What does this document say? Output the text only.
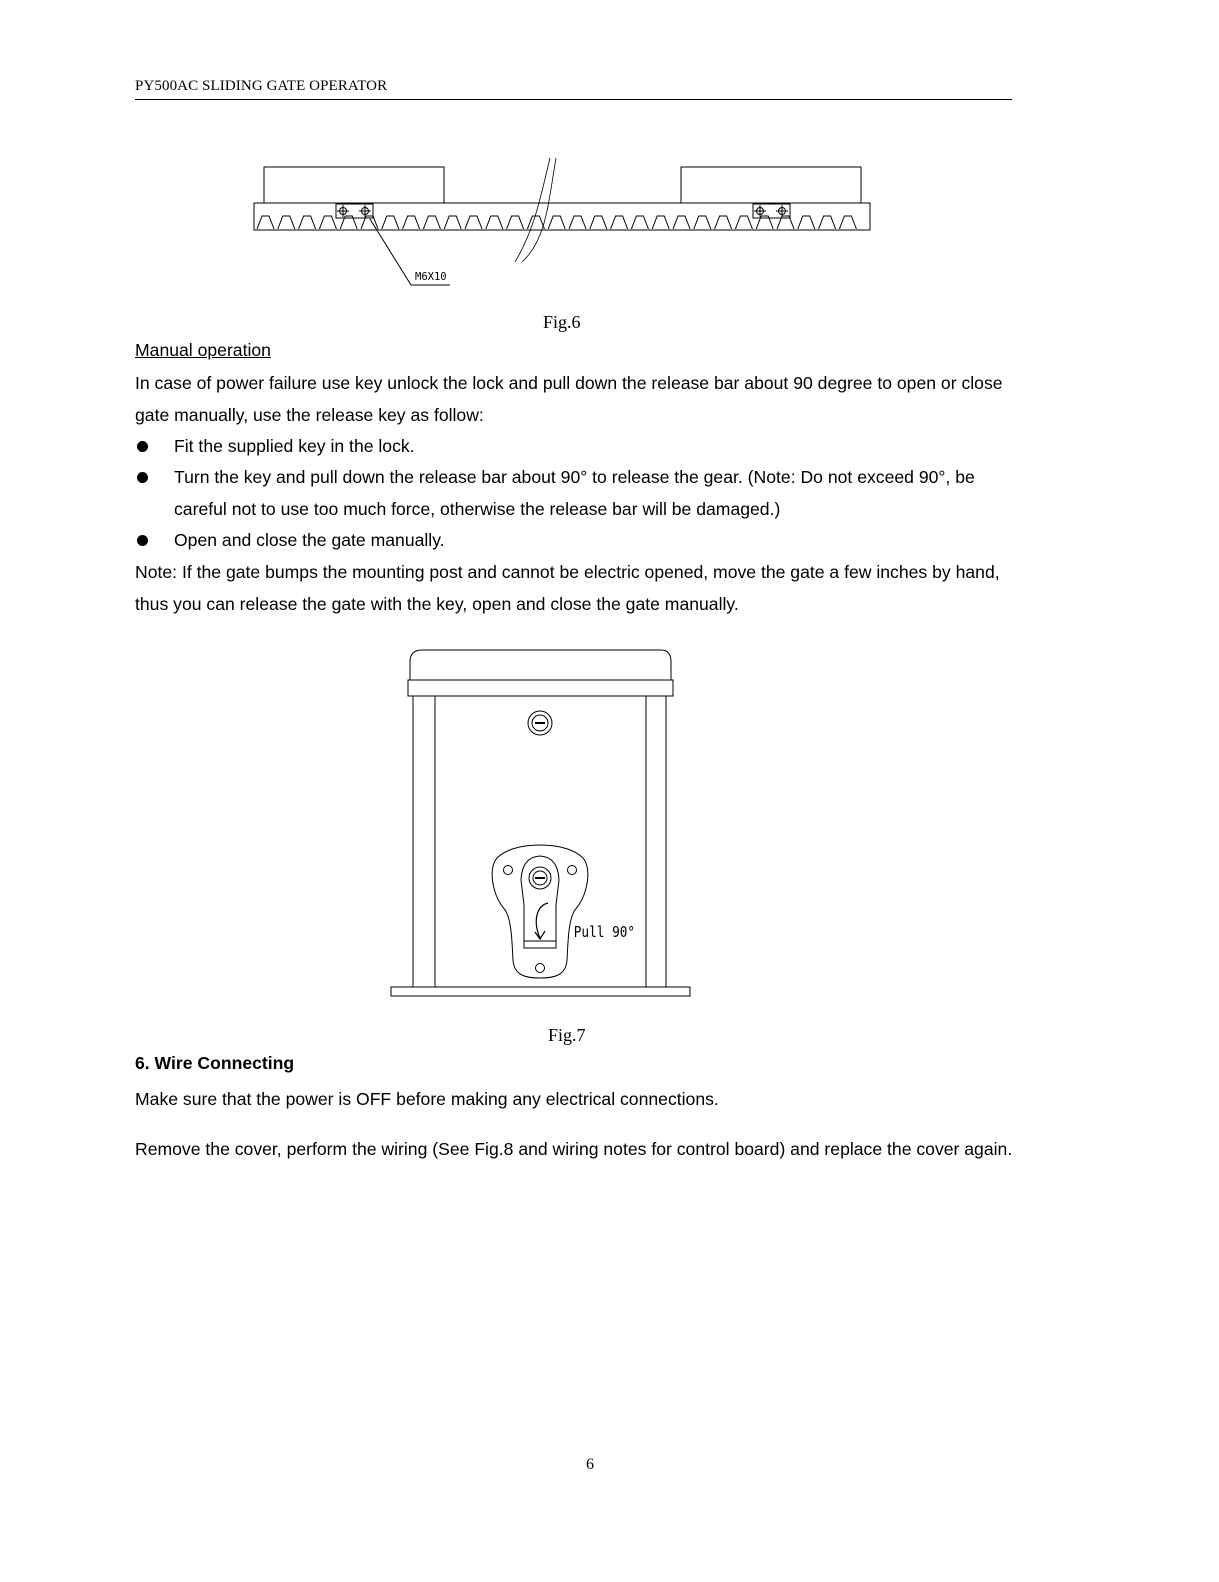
PY500AC SLIDING GATE OPERATOR
M6X10
Fig.6
Manual operation
In case of power failure use key unlock the lock and pull down the release bar about 90 degree to open or close gate manually, use the release key as follow:
Fit the supplied key in the lock.
Turn the key and pull down the release bar about 90° to release the gear. (Note: Do not exceed 90°, be careful not to use too much force, otherwise the release bar will be damaged.)
Open and close the gate manually.
Note: If the gate bumps the mounting post and cannot be electric opened, move the gate a few inches by hand, thus you can release the gate with the key, open and close the gate manually.
Pull 90°
Fig.7
6. Wire Connecting
Make sure that the power is OFF before making any electrical connections.
Remove the cover, perform the wiring (See Fig.8 and wiring notes for control board) and replace the cover again.
6
